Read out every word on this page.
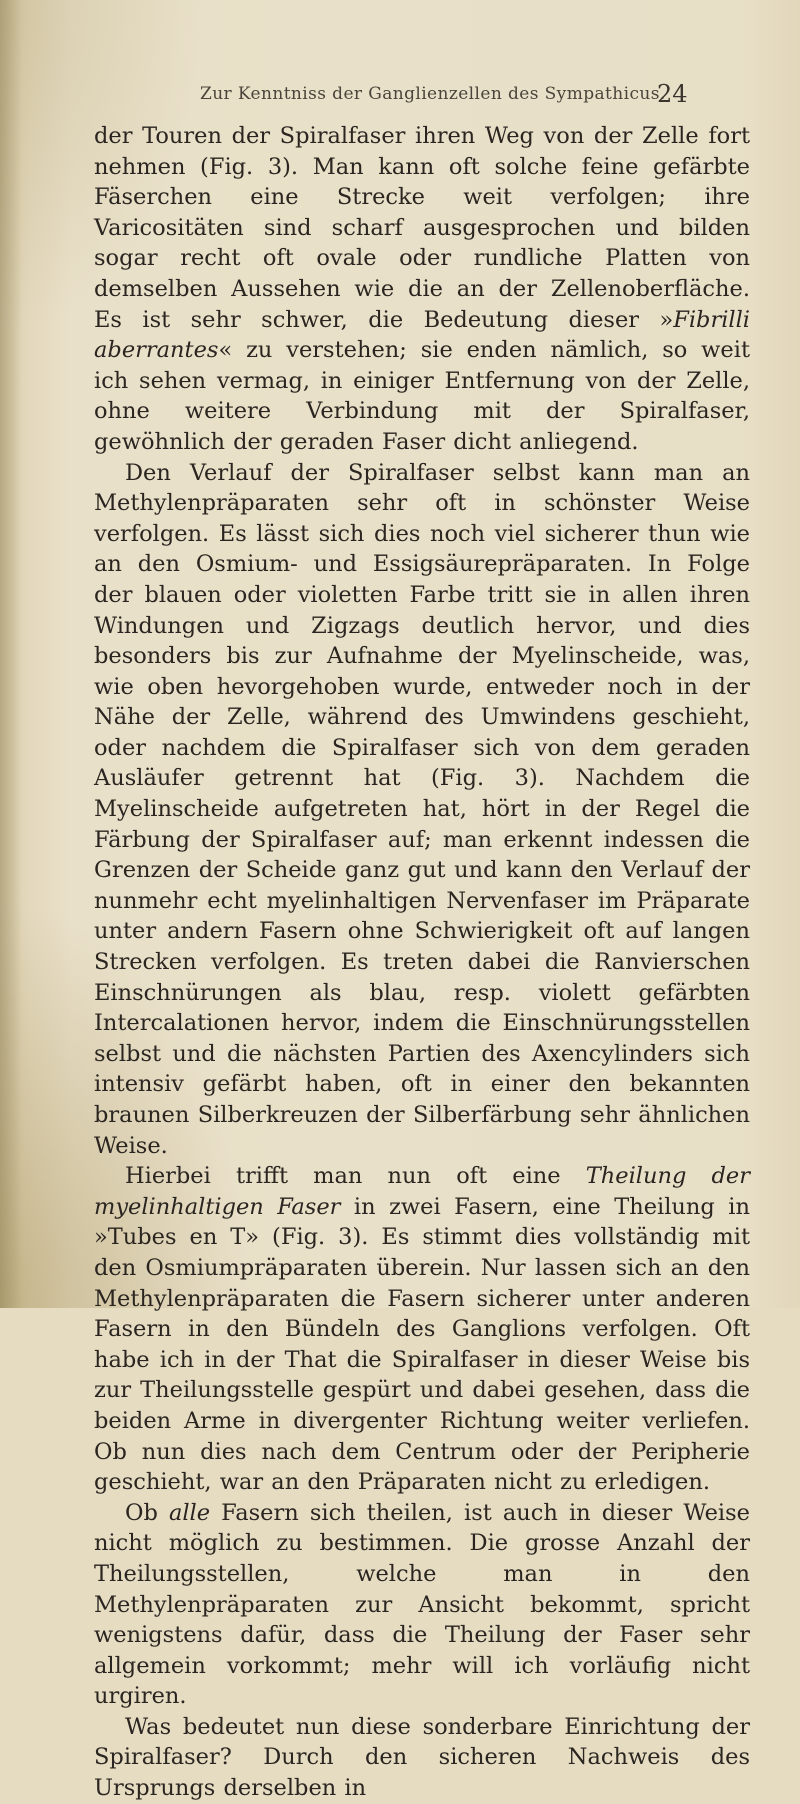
Zur Kenntniss der Ganglienzellen des Sympathicus.
24

der Touren der Spiralfaser ihren Weg von der Zelle fort nehmen (Fig. 3). Man kann oft solche feine gefärbte Fäserchen eine Strecke weit verfolgen; ihre Varicositäten sind scharf ausgesprochen und bilden sogar recht oft ovale oder rundliche Platten von demselben Aussehen wie die an der Zellenoberfläche. Es ist sehr schwer, die Bedeutung dieser »Fibrilli aberrantes« zu verstehen; sie enden nämlich, so weit ich sehen vermag, in einiger Entfernung von der Zelle, ohne weitere Verbindung mit der Spiralfaser, gewöhnlich der geraden Faser dicht anliegend.

Den Verlauf der Spiralfaser selbst kann man an Methylenpräparaten sehr oft in schönster Weise verfolgen. Es lässt sich dies noch viel sicherer thun wie an den Osmium- und Essigsäurepräparaten. In Folge der blauen oder violetten Farbe tritt sie in allen ihren Windungen und Zigzags deutlich hervor, und dies besonders bis zur Aufnahme der Myelinscheide, was, wie oben hevorgehoben wurde, entweder noch in der Nähe der Zelle, während des Umwindens geschieht, oder nachdem die Spiralfaser sich von dem geraden Ausläufer getrennt hat (Fig. 3). Nachdem die Myelinscheide aufgetreten hat, hört in der Regel die Färbung der Spiralfaser auf; man erkennt indessen die Grenzen der Scheide ganz gut und kann den Verlauf der nunmehr echt myelinhaltigen Nervenfaser im Präparate unter andern Fasern ohne Schwierigkeit oft auf langen Strecken verfolgen. Es treten dabei die Ranvierschen Einschnürungen als blau, resp. violett gefärbten Intercalationen hervor, indem die Einschnürungsstellen selbst und die nächsten Partien des Axencylinders sich intensiv gefärbt haben, oft in einer den bekannten braunen Silberkreuzen der Silberfärbung sehr ähnlichen Weise.

Hierbei trifft man nun oft eine Theilung der myelinhaltigen Faser in zwei Fasern, eine Theilung in »Tubes en T» (Fig. 3). Es stimmt dies vollständig mit den Osmiumpräparaten überein. Nur lassen sich an den Methylenpräparaten die Fasern sicherer unter anderen Fasern in den Bündeln des Ganglions verfolgen. Oft habe ich in der That die Spiralfaser in dieser Weise bis zur Theilungsstelle gespürt und dabei gesehen, dass die beiden Arme in divergenter Richtung weiter verliefen. Ob nun dies nach dem Centrum oder der Peripherie geschieht, war an den Präparaten nicht zu erledigen.

Ob alle Fasern sich theilen, ist auch in dieser Weise nicht möglich zu bestimmen. Die grosse Anzahl der Theilungsstellen, welche man in den Methylenpräparaten zur Ansicht bekommt, spricht wenigstens dafür, dass die Theilung der Faser sehr allgemein vorkommt; mehr will ich vorläufig nicht urgiren.

Was bedeutet nun diese sonderbare Einrichtung der Spiralfaser? Durch den sicheren Nachweis des Ursprungs derselben in
